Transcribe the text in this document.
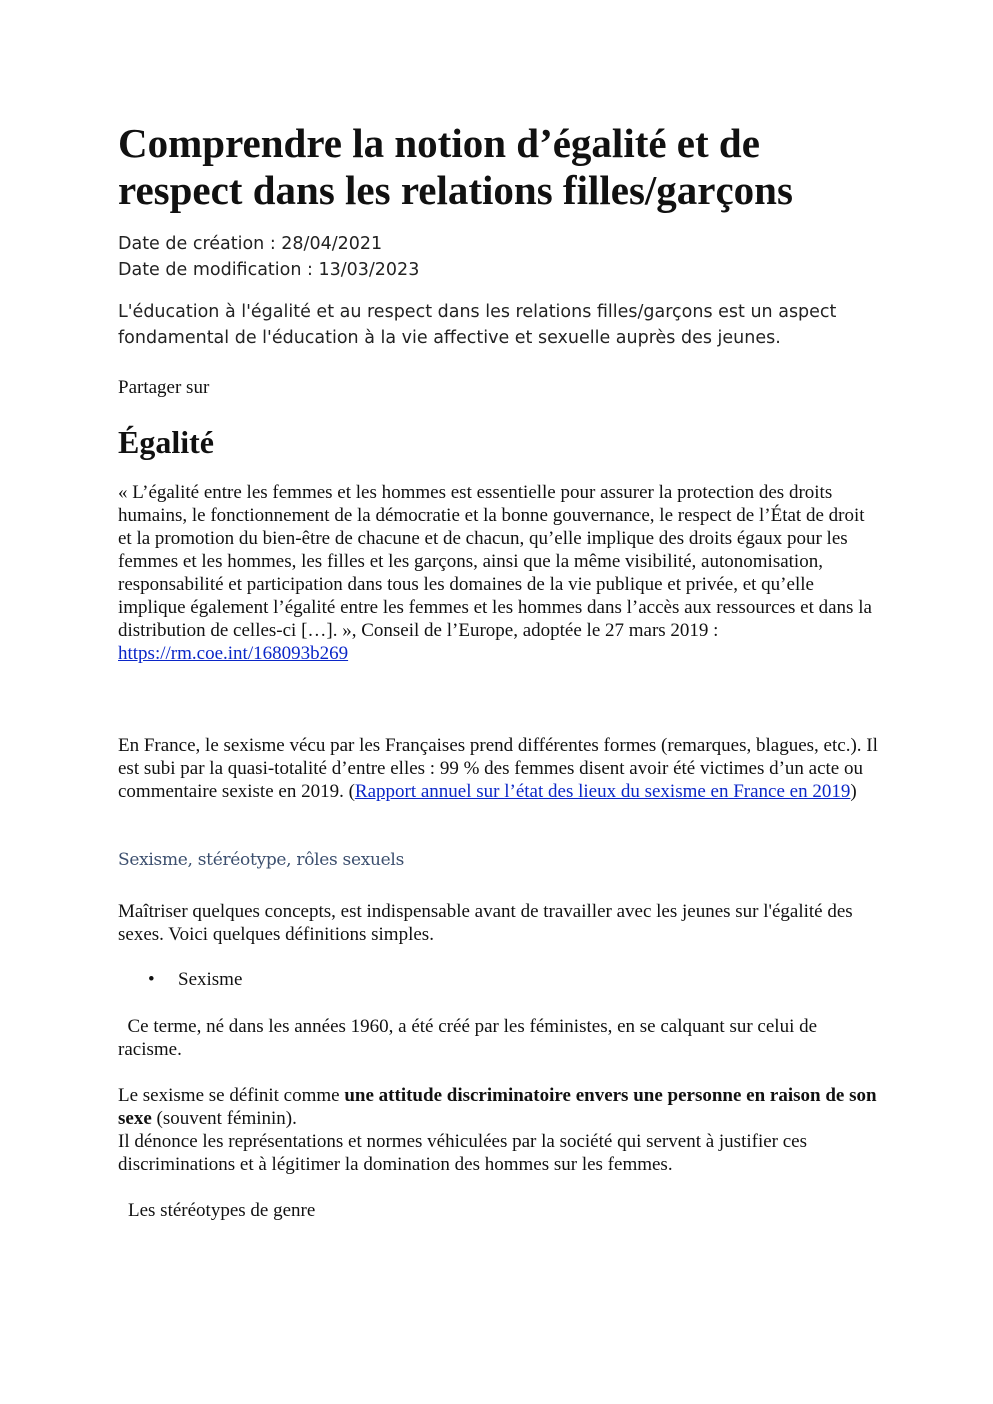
Comprendre la notion d’égalité et de respect dans les relations filles/garçons
Date de création : 28/04/2021
Date de modification : 13/03/2023

L'éducation à l'égalité et au respect dans les relations filles/garçons est un aspect fondamental de l'éducation à la vie affective et sexuelle auprès des jeunes.

Partager sur
Égalité

« L’égalité entre les femmes et les hommes est essentielle pour assurer la protection des droits humains, le fonctionnement de la démocratie et la bonne gouvernance, le respect de l’État de droit et la promotion du bien-être de chacune et de chacun, qu’elle implique des droits égaux pour les femmes et les hommes, les filles et les garçons, ainsi que la même visibilité, autonomisation, responsabilité et participation dans tous les domaines de la vie publique et privée, et qu’elle implique également l’égalité entre les femmes et les hommes dans l’accès aux ressources et dans la distribution de celles-ci […]. », Conseil de l’Europe, adoptée le 27 mars 2019 : https://rm.coe.int/168093b269

En France, le sexisme vécu par les Françaises prend différentes formes (remarques, blagues, etc.). Il est subi par la quasi-totalité d’entre elles : 99 % des femmes disent avoir été victimes d’un acte ou commentaire sexiste en 2019. (Rapport annuel sur l’état des lieux du sexisme en France en 2019)

Sexisme, stéréotype, rôles sexuels

Maîtriser quelques concepts, est indispensable avant de travailler avec les jeunes sur l'égalité des sexes. Voici quelques définitions simples.

• Sexisme

Ce terme, né dans les années 1960, a été créé par les féministes, en se calquant sur celui de racisme.

Le sexisme se définit comme une attitude discriminatoire envers une personne en raison de son sexe (souvent féminin).
Il dénonce les représentations et normes véhiculées par la société qui servent à justifier ces discriminations et à légitimer la domination des hommes sur les femmes.

Les stéréotypes de genre
